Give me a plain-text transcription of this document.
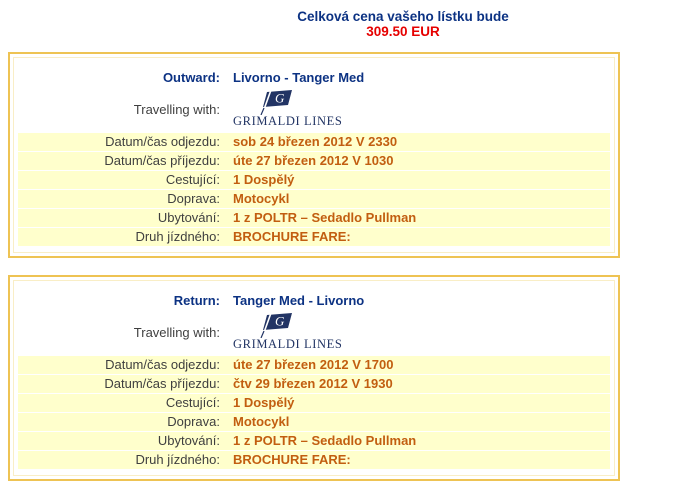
Celková cena vašeho lístku bude
309.50 EUR
Outward:	Livorno - Tanger Med
Travelling with:
G
GRIMALDI LINES
Datum/čas odjezdu:	sob 24 březen 2012 V 2330
Datum/čas příjezdu:	úte 27 březen 2012 V 1030
Cestující:	1 Dospělý
Doprava:	Motocykl
Ubytování:	1 z POLTR – Sedadlo Pullman
Druh jízdného:	BROCHURE FARE:
Return:	Tanger Med - Livorno
Travelling with:
G
GRIMALDI LINES
Datum/čas odjezdu:	úte 27 březen 2012 V 1700
Datum/čas příjezdu:	čtv 29 březen 2012 V 1930
Cestující:	1 Dospělý
Doprava:	Motocykl
Ubytování:	1 z POLTR – Sedadlo Pullman
Druh jízdného:	BROCHURE FARE:
